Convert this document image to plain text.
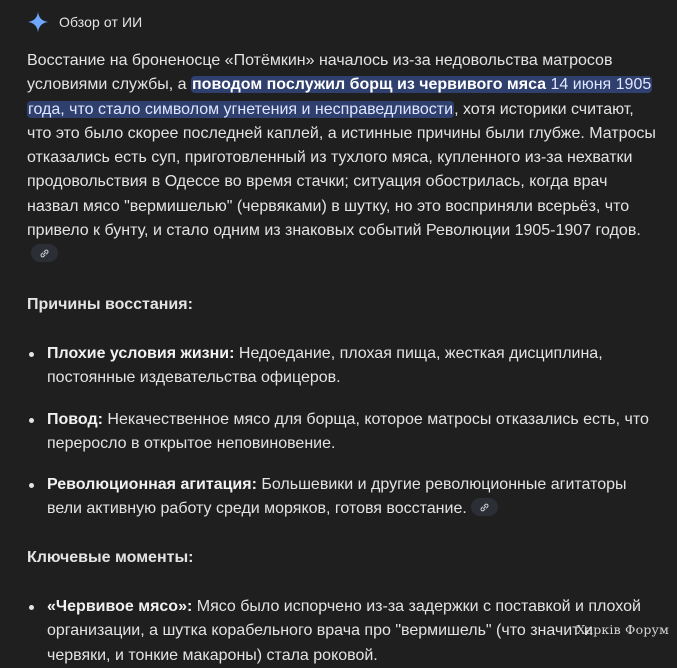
Обзор от ИИ

Восстание на броненосце «Потёмкин» началось из-за недовольства матросов условиями службы, а поводом послужил борщ из червивого мяса 14 июня 1905 года, что стало символом угнетения и несправедливости, хотя историки считают, что это было скорее последней каплей, а истинные причины были глубже. Матросы отказались есть суп, приготовленный из тухлого мяса, купленного из-за нехватки продовольствия в Одессе во время стачки; ситуация обострилась, когда врач назвал мясо "вермишелью" (червяками) в шутку, но это восприняли всерьёз, что привело к бунту, и стало одним из знаковых событий Революции 1905-1907 годов.

Причины восстания:
Плохие условия жизни: Недоедание, плохая пища, жесткая дисциплина, постоянные издевательства офицеров.
Повод: Некачественное мясо для борща, которое матросы отказались есть, что переросло в открытое неповиновение.
Революционная агитация: Большевики и другие революционные агитаторы вели активную работу среди моряков, готовя восстание.
Ключевые моменты:
«Червивое мясо»: Мясо было испорчено из-за задержки с поставкой и плохой организации, а шутка корабельного врача про "вермишель" (что значит и червяки, и тонкие макароны) стала роковой.
Харків Форум
